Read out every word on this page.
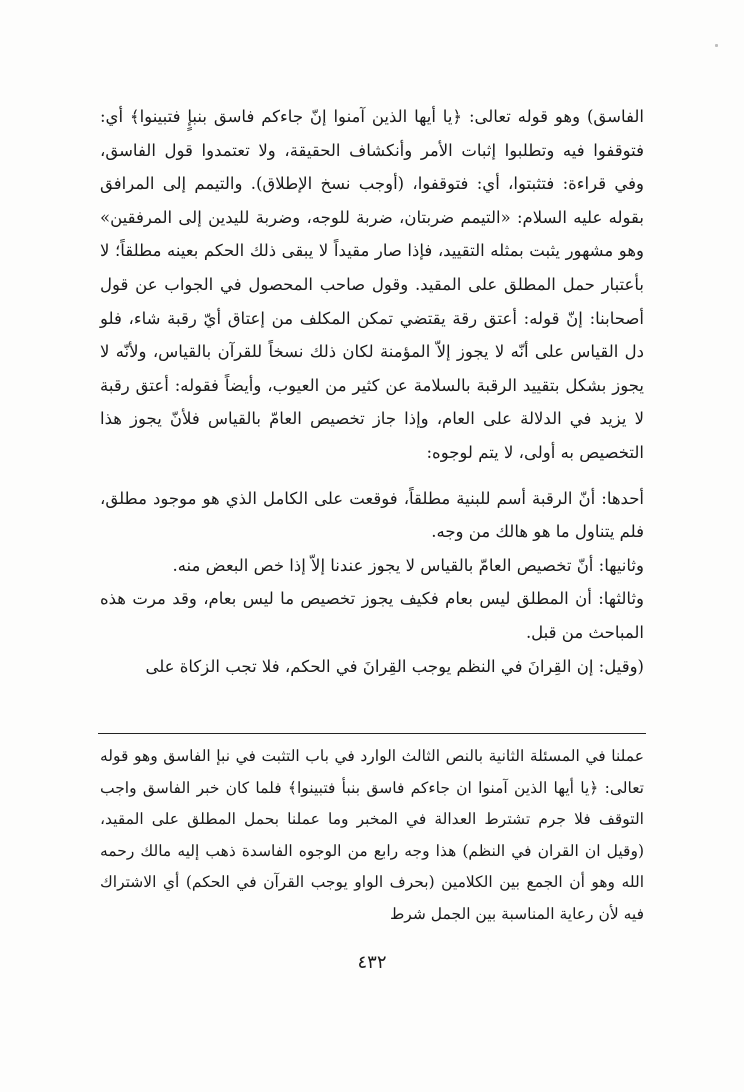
الفاسق) وهو قوله تعالى: ﴿يا أيها الذين آمنوا إنّ جاءكم فاسق بنبإٍ فتبينوا﴾ أي: فتوقفوا فيه وتطلبوا إثبات الأمر وأنكشاف الحقيقة، ولا تعتمدوا قول الفاسق، وفي قراءة: فتثبتوا، أي: فتوقفوا، (أوجب نسخ الإطلاق). والتيمم إلى المرافق بقوله عليه السلام: «التيمم ضربتان، ضربة للوجه، وضربة لليدين إلى المرفقين» وهو مشهور يثبت بمثله التقييد، فإذا صار مقيداً لا يبقى ذلك الحكم بعينه مطلقاً؛ لا بأعتبار حمل المطلق على المقيد. وقول صاحب المحصول في الجواب عن قول أصحابنا: إنّ قوله: أعتق رقة يقتضي تمكن المكلف من إعتاق أيّ رقبة شاء، فلو دل القياس على أنّه لا يجوز إلاّ المؤمنة لكان ذلك نسخاً للقرآن بالقياس، ولأنّه لا يجوز بشكل بتقييد الرقبة بالسلامة عن كثير من العيوب، وأيضاً فقوله: أعتق رقبة لا يزيد في الدلالة على العام، وإذا جاز تخصيص العامّ بالقياس فلأنّ يجوز هذا التخصيص به أولى، لا يتم لوجوه:

أحدها: أنّ الرقبة أسم للبنية مطلقاً، فوقعت على الكامل الذي هو موجود مطلق، فلم يتناول ما هو هالك من وجه.

وثانيها: أنّ تخصيص العامّ بالقياس لا يجوز عندنا إلاّ إذا خص البعض منه.

وثالثها: أن المطلق ليس بعام فكيف يجوز تخصيص ما ليس بعام، وقد مرت هذه المباحث من قبل.

(وقيل: إن القِرانَ في النظم يوجب القِرانَ في الحكم، فلا تجب الزكاة على

عملنا في المسئلة الثانية بالنص الثالث الوارد في باب التثبت في نبإ الفاسق وهو قوله تعالى: ﴿يا أيها الذين آمنوا ان جاءكم فاسق بنبأ فتبينوا﴾ فلما كان خبر الفاسق واجب التوقف فلا جرم تشترط العدالة في المخبر وما عملنا بحمل المطلق على المقيد، (وقيل ان القران في النظم) هذا وجه رابع من الوجوه الفاسدة ذهب إليه مالك رحمه الله وهو أن الجمع بين الكلامين (بحرف الواو يوجب القرآن في الحكم) أي الاشتراك فيه لأن رعاية المناسبة بين الجمل شرط

٤٣٢
